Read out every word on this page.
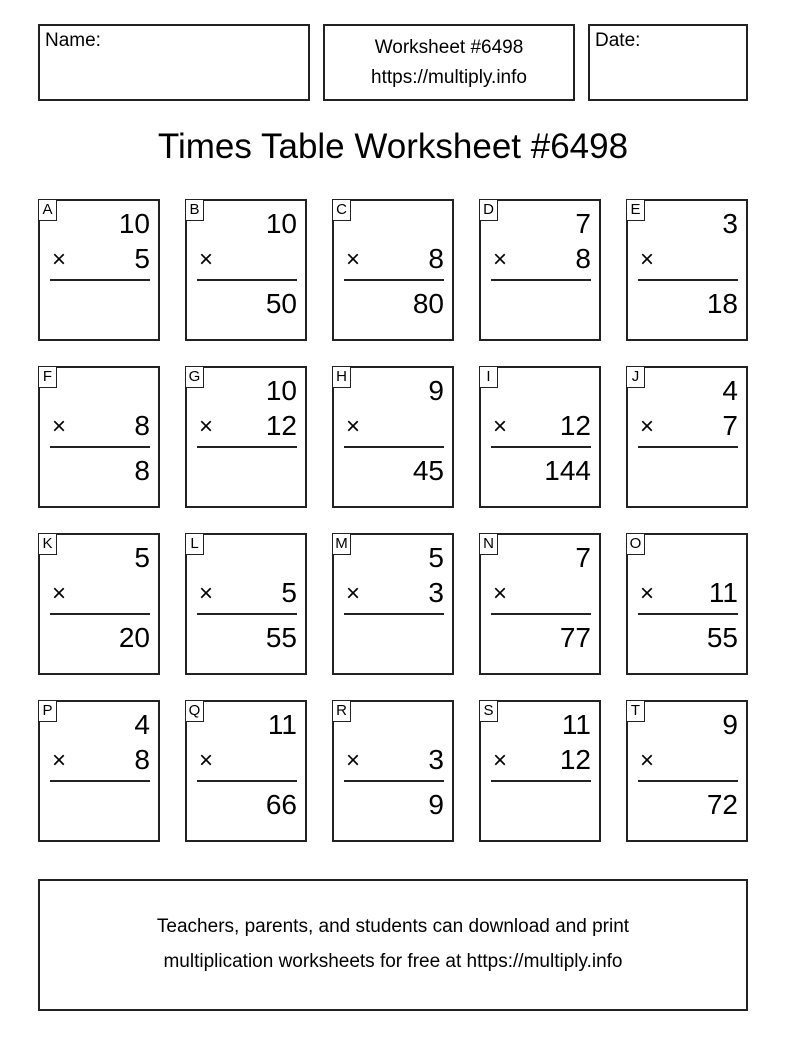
Name:	Worksheet #6498
https://multiply.info
Date:
Times Table Worksheet #6498
A 10
× 5
B 10
×
50
C
× 8
80
D	7
× 8
E	3
×
18
F
× 8
8
G 10
× 12
H	9
×
45
I
× 12
144
J	4
× 7
K	5
×
20
L
× 5
55
M	5
× 3
N	7
×
77
O
× 11
55
P	4
× 8
Q 11
×
66
R
× 3
9
S 11
× 12
T	9
×
72
Teachers, parents, and students can download and print
multiplication worksheets for free at https://multiply.info
